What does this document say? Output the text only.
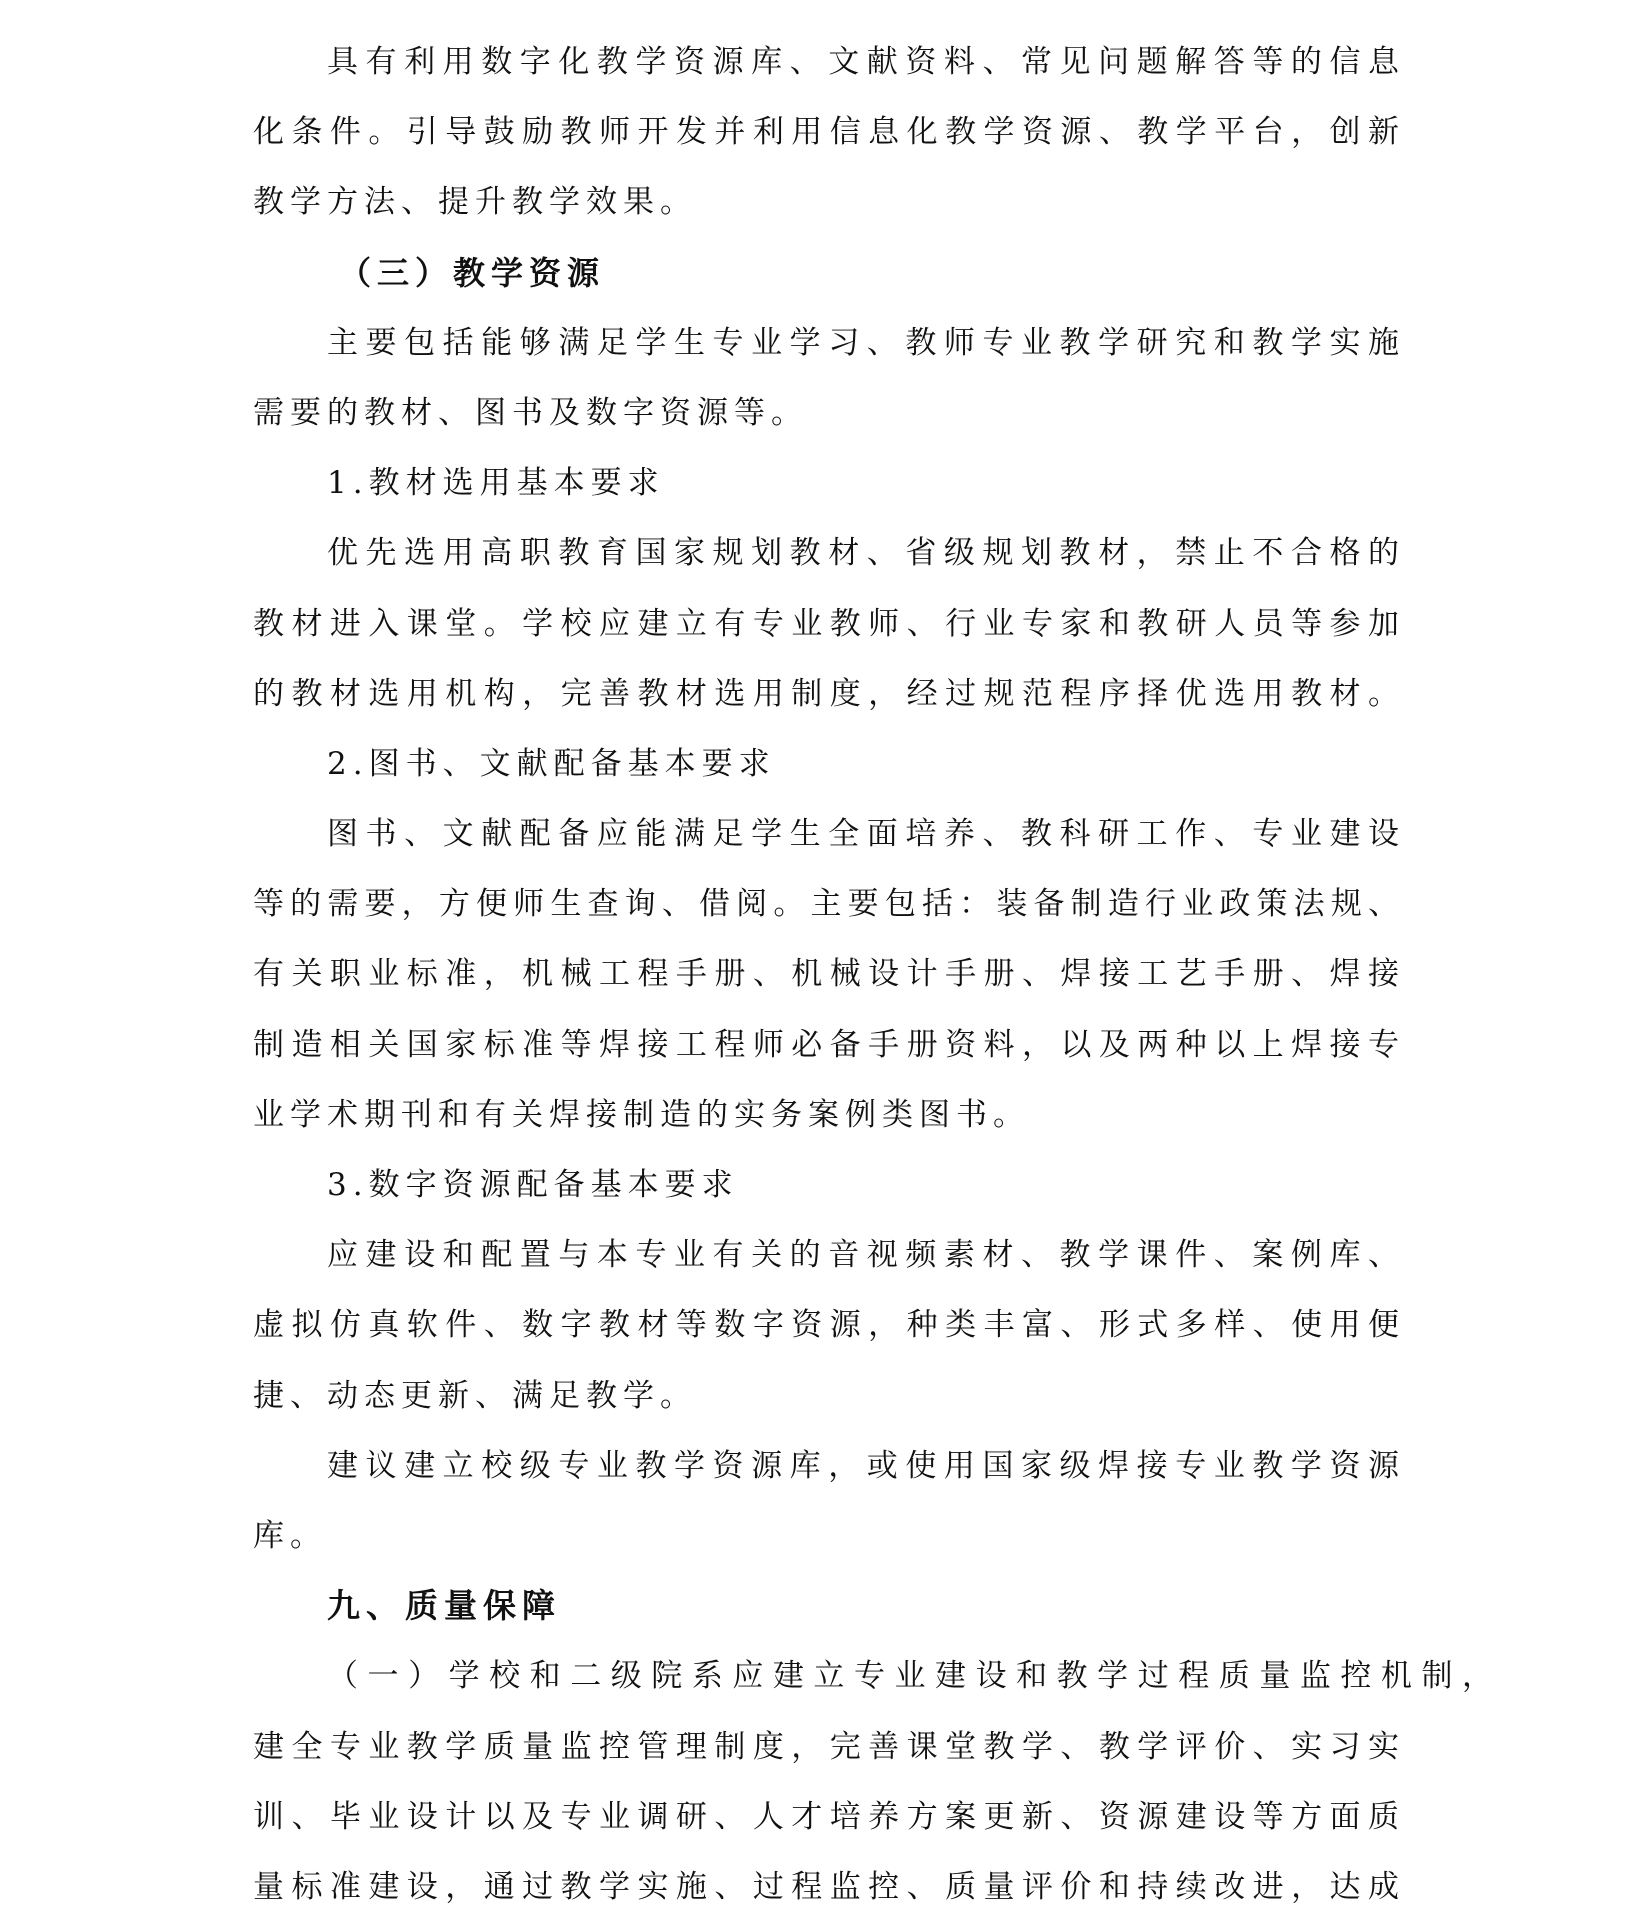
具有利用数字化教学资源库、文献资料、常见问题解答等的信息
化条件。引导鼓励教师开发并利用信息化教学资源、教学平台，创新
教学方法、提升教学效果。
（三）教学资源
主要包括能够满足学生专业学习、教师专业教学研究和教学实施
需要的教材、图书及数字资源等。
1.教材选用基本要求
优先选用高职教育国家规划教材、省级规划教材，禁止不合格的
教材进入课堂。学校应建立有专业教师、行业专家和教研人员等参加
的教材选用机构，完善教材选用制度，经过规范程序择优选用教材。
2.图书、文献配备基本要求
图书、文献配备应能满足学生全面培养、教科研工作、专业建设
等的需要，方便师生查询、借阅。主要包括：装备制造行业政策法规、
有关职业标准，机械工程手册、机械设计手册、焊接工艺手册、焊接
制造相关国家标准等焊接工程师必备手册资料，以及两种以上焊接专
业学术期刊和有关焊接制造的实务案例类图书。
3.数字资源配备基本要求
应建设和配置与本专业有关的音视频素材、教学课件、案例库、
虚拟仿真软件、数字教材等数字资源，种类丰富、形式多样、使用便
捷、动态更新、满足教学。
建议建立校级专业教学资源库，或使用国家级焊接专业教学资源
库。
九、质量保障
（一）学校和二级院系应建立专业建设和教学过程质量监控机制，
建全专业教学质量监控管理制度，完善课堂教学、教学评价、实习实
训、毕业设计以及专业调研、人才培养方案更新、资源建设等方面质
量标准建设，通过教学实施、过程监控、质量评价和持续改进，达成
